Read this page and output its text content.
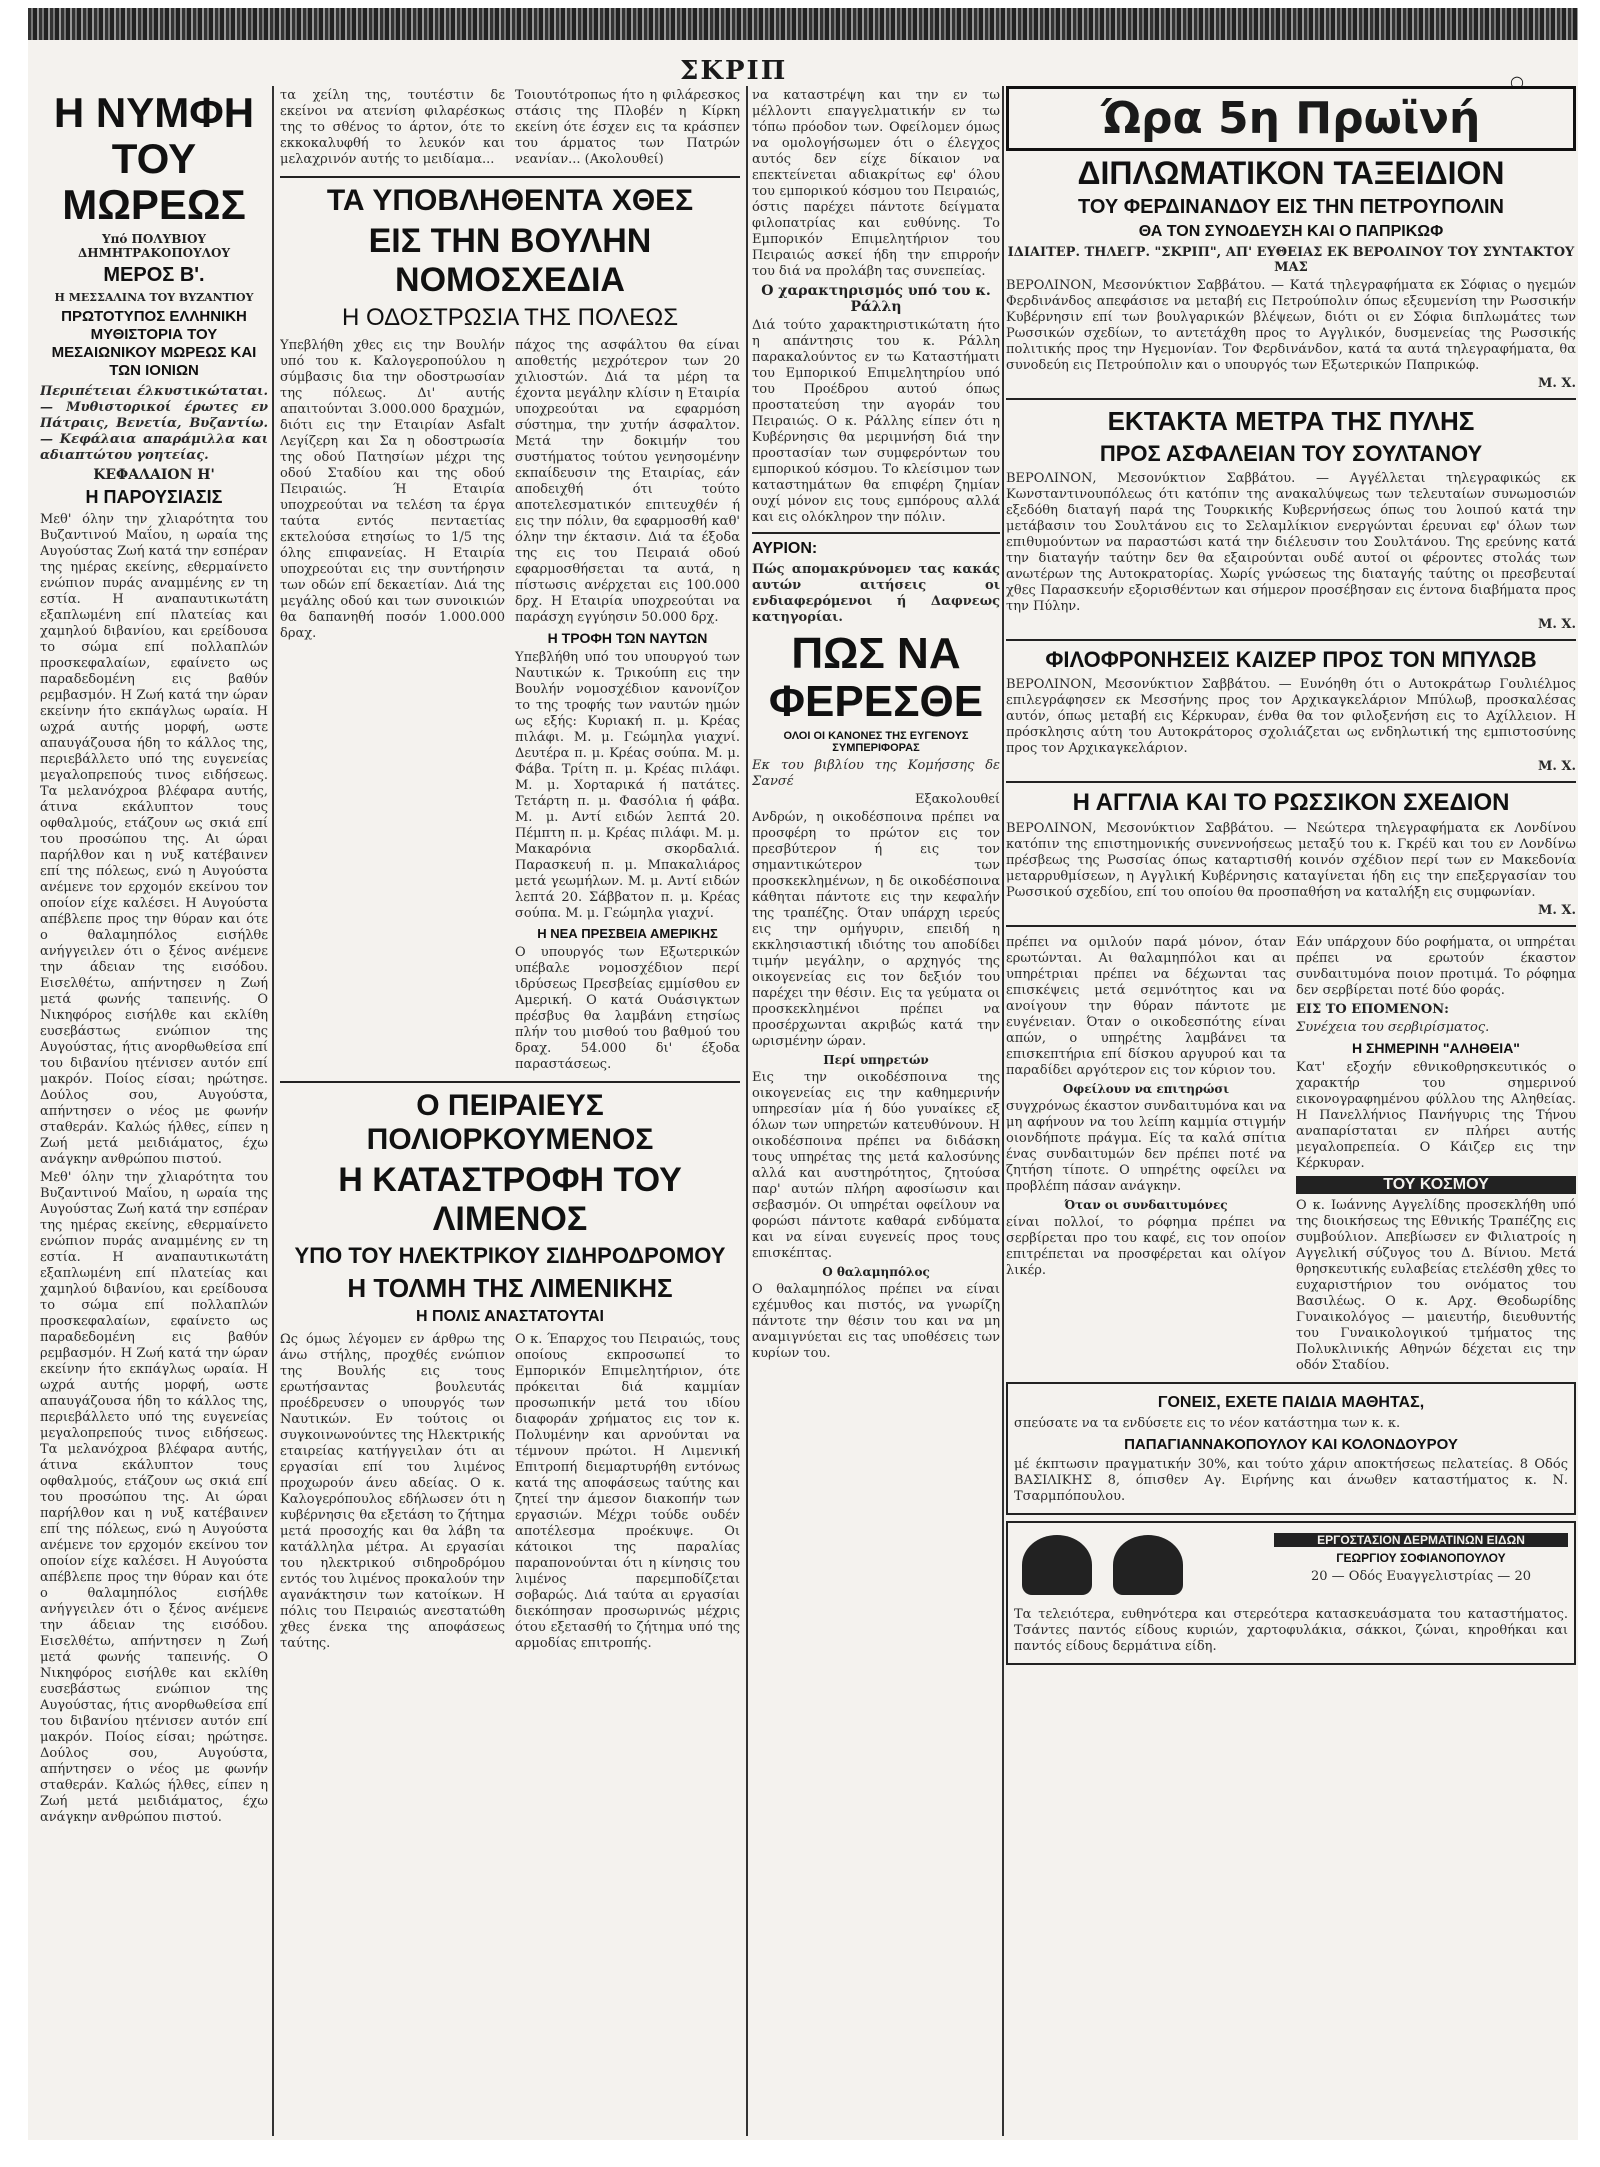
ΣΚΡΙΠ	○
Η ΝΥΜΦΗ ΤΟΥ ΜΩΡΕΩΣ
Υπό ΠΟΛΥΒΙΟΥ ΔΗΜΗΤΡΑΚΟΠΟΥΛΟΥ
ΜΕΡΟΣ Β'.
Η ΜΕΣΣΑΛΙΝΑ ΤΟΥ ΒΥΖΑΝΤΙΟΥ
ΠΡΩΤΟΤΥΠΟΣ ΕΛΛΗΝΙΚΗ ΜΥΘΙΣΤΟΡΙΑ ΤΟΥ ΜΕΣΑΙΩΝΙΚΟΥ ΜΩΡΕΩΣ ΚΑΙ ΤΩΝ ΙΟΝΙΩΝ
Περιπέτειαι έλκυστικώταται. — Μυθιστορικοί έρωτες εν Πάτραις, Βενετία, Βυζαντίω. — Κεφάλαια απαράμιλλα και αδιαπτώτου γοητείας.
ΚΕΦΑΛΑΙΟΝ Η'
Η ΠΑΡΟΥΣΙΑΣΙΣ
Μεθ' όλην την χλιαρότητα του Βυζαντινού Μαΐου, η ωραία της Αυγούστας Ζωή κατά την εσπέραν της ημέρας εκείνης, εθερμαίνετο ενώπιον πυράς αναμμένης εν τη εστία. Η αναπαυτικωτάτη εξαπλωμένη επί πλατείας και χαμηλού διβανίου, και ερείδουσα το σώμα επί πολλαπλών προσκεφαλαίων, εφαίνετο ως παραδεδομένη εις βαθύν ρεμβασμόν. Η Ζωή κατά την ώραν εκείνην ήτο εκπάγλως ωραία. Η ωχρά αυτής μορφή, ωστε απαυγάζουσα ήδη το κάλλος της, περιεβάλλετο υπό της ευγενείας μεγαλοπρεπούς τινος ειδήσεως. Τα μελανόχροα βλέφαρα αυτής, άτινα εκάλυπτον τους οφθαλμούς, ετάζουν ως σκιά επί του προσώπου της. Αι ώραι παρήλθον και η νυξ κατέβαινεν επί της πόλεως, ενώ η Αυγούστα ανέμενε τον ερχομόν εκείνου τον οποίον είχε καλέσει. Η Αυγούστα απέβλεπε προς την θύραν και ότε ο θαλαμηπόλος εισήλθε ανήγγειλεν ότι ο ξένος ανέμενε την άδειαν της εισόδου. Εισελθέτω, απήντησεν η Ζωή μετά φωνής ταπεινής. Ο Νικηφόρος εισήλθε και εκλίθη ευσεβάστως ενώπιον της Αυγούστας, ήτις ανορθωθείσα επί του διβανίου ητένισεν αυτόν επί μακρόν. Ποίος είσαι; ηρώτησε. Δούλος σου, Αυγούστα, απήντησεν ο νέος με φωνήν σταθεράν. Καλώς ήλθες, είπεν η Ζωή μετά μειδιάματος, έχω ανάγκην ανθρώπου πιστού.
Μεθ' όλην την χλιαρότητα του Βυζαντινού Μαΐου, η ωραία της Αυγούστας Ζωή κατά την εσπέραν της ημέρας εκείνης, εθερμαίνετο ενώπιον πυράς αναμμένης εν τη εστία. Η αναπαυτικωτάτη εξαπλωμένη επί πλατείας και χαμηλού διβανίου, και ερείδουσα το σώμα επί πολλαπλών προσκεφαλαίων, εφαίνετο ως παραδεδομένη εις βαθύν ρεμβασμόν. Η Ζωή κατά την ώραν εκείνην ήτο εκπάγλως ωραία. Η ωχρά αυτής μορφή, ωστε απαυγάζουσα ήδη το κάλλος της, περιεβάλλετο υπό της ευγενείας μεγαλοπρεπούς τινος ειδήσεως. Τα μελανόχροα βλέφαρα αυτής, άτινα εκάλυπτον τους οφθαλμούς, ετάζουν ως σκιά επί του προσώπου της. Αι ώραι παρήλθον και η νυξ κατέβαινεν επί της πόλεως, ενώ η Αυγούστα ανέμενε τον ερχομόν εκείνου τον οποίον είχε καλέσει. Η Αυγούστα απέβλεπε προς την θύραν και ότε ο θαλαμηπόλος εισήλθε ανήγγειλεν ότι ο ξένος ανέμενε την άδειαν της εισόδου. Εισελθέτω, απήντησεν η Ζωή μετά φωνής ταπεινής. Ο Νικηφόρος εισήλθε και εκλίθη ευσεβάστως ενώπιον της Αυγούστας, ήτις ανορθωθείσα επί του διβανίου ητένισεν αυτόν επί μακρόν. Ποίος είσαι; ηρώτησε. Δούλος σου, Αυγούστα, απήντησεν ο νέος με φωνήν σταθεράν. Καλώς ήλθες, είπεν η Ζωή μετά μειδιάματος, έχω ανάγκην ανθρώπου πιστού.
τα χείλη της, τουτέστιν δε εκείνοι να ατενίση φιλαρέσκως της το σθένος το άρτον, ότε το εκκοκαλυφθή το λευκόν και μελαχρινόν αυτής το μειδίαμα...
Τοιουτότροπως ήτο η φιλάρεσκος στάσις της Πλοβέν η Κίρκη εκείνη ότε έσχεν εις τα κράσπεν του άρματος των Πατρών νεανίαν... (Ακολουθεί)
ΤΑ ΥΠΟΒΛΗΘΕΝΤΑ ΧΘΕΣ
ΕΙΣ ΤΗΝ ΒΟΥΛΗΝ ΝΟΜΟΣΧΕΔΙΑ
Η ΟΔΟΣΤΡΩΣΙΑ ΤΗΣ ΠΟΛΕΩΣ
Υπεβλήθη χθες εις την Βουλήν υπό του κ. Καλογεροπούλου η σύμβασις δια την οδοστρωσίαν της πόλεως. Δι' αυτής απαιτούνται 3.000.000 δραχμών, διότι εις την Εταιρίαν Asfalt Λεγίζερη και Σα η οδοστρωσία της οδού Πατησίων μέχρι της οδού Σταδίου και της οδού Πειραιώς. Ή Εταιρία υποχρεούται να τελέση τα έργα ταύτα εντός πενταετίας εκτελούσα ετησίως το 1/5 της όλης επιφανείας. Η Εταιρία υποχρεούται εις την συντήρησιν των οδών επί δεκαετίαν. Διά της μεγάλης οδού και των συνοικιών θα δαπανηθή ποσόν 1.000.000 δραχ.
πάχος της ασφάλτου θα είναι αποθετής μεχρότερον των 20 χιλιοστών. Διά τα μέρη τα έχοντα μεγάλην κλίσιν η Εταιρία υποχρεούται να εφαρμόση σύστημα, την χυτήν άσφαλτον. Μετά την δοκιμήν του συστήματος τούτου γενησομένην εκπαίδευσιν της Εταιρίας, εάν αποδειχθή ότι τούτο αποτελεσματικόν επιτευχθέν ή εις την πόλιν, θα εφαρμοσθή καθ' όλην την έκτασιν. Διά τα έξοδα της εις του Πειραιά οδού εφαρμοσθήσεται τα αυτά, η πίστωσις ανέρχεται εις 100.000 δρχ. Η Εταιρία υποχρεούται να παράσχη εγγύησιν 50.000 δρχ.
Η ΤΡΟΦΗ ΤΩΝ ΝΑΥΤΩΝ
Υπεβλήθη υπό του υπουργού των Ναυτικών κ. Τρικούπη εις την Βουλήν νομοσχέδιον κανονίζον το της τροφής των ναυτών ημών ως εξής: Κυριακή π. μ. Κρέας πιλάφι. Μ. μ. Γεώμηλα γιαχνί. Δευτέρα π. μ. Κρέας σούπα. Μ. μ. Φάβα. Τρίτη π. μ. Κρέας πιλάφι. Μ. μ. Χορταρικά ή πατάτες. Τετάρτη π. μ. Φασόλια ή φάβα. Μ. μ. Αντί ειδών λεπτά 20. Πέμπτη π. μ. Κρέας πιλάφι. Μ. μ. Μακαρόνια σκορδαλιά. Παρασκευή π. μ. Μπακαλιάρος μετά γεωμήλων. Μ. μ. Αντί ειδών λεπτά 20. Σάββατον π. μ. Κρέας σούπα. Μ. μ. Γεώμηλα γιαχνί.
Η ΝΕΑ ΠΡΕΣΒΕΙΑ ΑΜΕΡΙΚΗΣ
Ο υπουργός των Εξωτερικών υπέβαλε νομοσχέδιον περί ιδρύσεως Πρεσβείας εμμίσθου εν Αμερική. Ο κατά Ουάσιγκτων πρέσβυς θα λαμβάνη ετησίως πλήν του μισθού του βαθμού του δραχ. 54.000 δι' έξοδα παραστάσεως.
Ο ΠΕΙΡΑΙΕΥΣ ΠΟΛΙΟΡΚΟΥΜΕΝΟΣ
Η ΚΑΤΑΣΤΡΟΦΗ ΤΟΥ ΛΙΜΕΝΟΣ
ΥΠΟ ΤΟΥ ΗΛΕΚΤΡΙΚΟΥ ΣΙΔΗΡΟΔΡΟΜΟΥ
Η ΤΟΛΜΗ ΤΗΣ ΛΙΜΕΝΙΚΗΣ
Η ΠΟΛΙΣ ΑΝΑΣΤΑΤΟΥΤΑΙ
Ως όμως λέγομεν εν άρθρω της άνω στήλης, προχθές ενώπιον της Βουλής εις τους ερωτήσαντας βουλευτάς προέδρευσεν ο υπουργός των Ναυτικών. Εν τούτοις οι συγκοινωνούντες της Ηλεκτρικής εταιρείας κατήγγειλαν ότι αι εργασίαι επί του λιμένος προχωρούν άνευ αδείας. Ο κ. Καλογερόπουλος εδήλωσεν ότι η κυβέρνησις θα εξετάση το ζήτημα μετά προσοχής και θα λάβη τα κατάλληλα μέτρα. Αι εργασίαι του ηλεκτρικού σιδηροδρόμου εντός του λιμένος προκαλούν την αγανάκτησιν των κατοίκων. Η πόλις του Πειραιώς ανεστατώθη χθες ένεκα της αποφάσεως ταύτης.
Ο κ. Έπαρχος του Πειραιώς, τους οποίους εκπροσωπεί το Εμπορικόν Επιμελητήριον, ότε πρόκειται διά καμμίαν προσωπικήν μετά του ιδίου διαφοράν χρήματος εις τον κ. Πολυμένην και αρνούνται να τέμνουν πρώτοι. Η Λιμενική Επιτροπή διεμαρτυρήθη εντόνως κατά της αποφάσεως ταύτης και ζητεί την άμεσον διακοπήν των εργασιών. Μέχρι τούδε ουδέν αποτέλεσμα προέκυψε. Οι κάτοικοι της παραλίας παραπονούνται ότι η κίνησις του λιμένος παρεμποδίζεται σοβαρώς. Διά ταύτα αι εργασίαι διεκόπησαν προσωρινώς μέχρις ότου εξετασθή το ζήτημα υπό της αρμοδίας επιτροπής.
να καταστρέψη και την εν τω μέλλοντι επαγγελματικήν εν τω τόπω πρόοδον των. Οφείλομεν όμως να ομολογήσωμεν ότι ο έλεγχος αυτός δεν είχε δίκαιον να επεκτείνεται αδιακρίτως εφ' όλου του εμπορικού κόσμου του Πειραιώς, όστις παρέχει πάντοτε δείγματα φιλοπατρίας και ευθύνης. Το Εμπορικόν Επιμελητήριον του Πειραιώς ασκεί ήδη την επιρροήν του διά να προλάβη τας συνεπείας.
Ο χαρακτηρισμός υπό του κ. Ράλλη
Διά τούτο χαρακτηριστικώτατη ήτο η απάντησις του κ. Ράλλη παρακαλούντος εν τω Καταστήματι του Εμπορικού Επιμελητηρίου υπό του Προέδρου αυτού όπως προστατεύση την αγοράν του Πειραιώς. Ο κ. Ράλλης είπεν ότι η Κυβέρνησις θα μεριμνήση διά την προστασίαν των συμφερόντων του εμπορικού κόσμου. Το κλείσιμον των καταστημάτων θα επιφέρη ζημίαν ουχί μόνον εις τους εμπόρους αλλά και εις ολόκληρον την πόλιν.
ΑΥΡΙΟΝ:
Πώς απομακρύνομεν τας κακάς αυτών αιτήσεις οι ενδιαφερόμενοι ή Δαφνεως κατηγορίαι.
ΠΩΣ ΝΑ ΦΕΡΕΣΘΕ
ΟΛΟΙ ΟΙ ΚΑΝΟΝΕΣ ΤΗΣ ΕΥΓΕΝΟΥΣ ΣΥΜΠΕΡΙΦΟΡΑΣ
Εκ του βιβλίου της Κομήσσης δε Σανσέ
Εξακολουθεί
Ανδρών, η οικοδέσποινα πρέπει να προσφέρη το πρώτον εις τον πρεσβύτερον ή εις τον σημαντικώτερον των προσκεκλημένων, η δε οικοδέσποινα κάθηται πάντοτε εις την κεφαλήν της τραπέζης. Όταν υπάρχη ιερεύς εις την ομήγυριν, επειδή η εκκλησιαστική ιδιότης του αποδίδει τιμήν μεγάλην, ο αρχηγός της οικογενείας εις τον δεξιόν του παρέχει την θέσιν. Εις τα γεύματα οι προσκεκλημένοι πρέπει να προσέρχωνται ακριβώς κατά την ωρισμένην ώραν.
Περί υπηρετών
Εις την οικοδέσποινα της οικογενείας εις την καθημερινήν υπηρεσίαν μία ή δύο γυναίκες εξ όλων των υπηρετών κατευθύνουν. Η οικοδέσποινα πρέπει να διδάσκη τους υπηρέτας της μετά καλοσύνης αλλά και αυστηρότητος, ζητούσα παρ' αυτών πλήρη αφοσίωσιν και σεβασμόν. Οι υπηρέται οφείλουν να φορώσι πάντοτε καθαρά ενδύματα και να είναι ευγενείς προς τους επισκέπτας.
Ο θαλαμηπόλος
Ο θαλαμηπόλος πρέπει να είναι εχέμυθος και πιστός, να γνωρίζη πάντοτε την θέσιν του και να μη αναμιγνύεται εις τας υποθέσεις των κυρίων του.
Ώρα 5η Πρωϊνή
ΔΙΠΛΩΜΑΤΙΚΟΝ ΤΑΞΕΙΔΙΟΝ
ΤΟΥ ΦΕΡΔΙΝΑΝΔΟΥ ΕΙΣ ΤΗΝ ΠΕΤΡΟΥΠΟΛΙΝ
ΘΑ ΤΟΝ ΣΥΝΟΔΕΥΣΗ ΚΑΙ Ο ΠΑΠΡΙΚΩΦ
ΙΔΙΑΙΤΕΡ. ΤΗΛΕΓΡ. "ΣΚΡΙΠ", ΑΠ' ΕΥΘΕΙΑΣ ΕΚ ΒΕΡΟΛΙΝΟΥ ΤΟΥ ΣΥΝΤΑΚΤΟΥ ΜΑΣ
ΒΕΡΟΛΙΝΟΝ, Μεσονύκτιον Σαββάτου. — Κατά τηλεγραφήματα εκ Σόφιας ο ηγεμών Φερδινάνδος απεφάσισε να μεταβή εις Πετρούπολιν όπως εξευμενίση την Ρωσσικήν Κυβέρνησιν επί των βουλγαρικών βλέψεων, διότι οι εν Σόφια διπλωμάτες των Ρωσσικών σχεδίων, το αντετάχθη προς το Αγγλικόν, δυσμενείας της Ρωσσικής πολιτικής προς την Ηγεμονίαν. Τον Φερδινάνδον, κατά τα αυτά τηλεγραφήματα, θα συνοδεύη εις Πετρούπολιν και ο υπουργός των Εξωτερικών Παπρικώφ.
Μ. Χ.
ΕΚΤΑΚΤΑ ΜΕΤΡΑ ΤΗΣ ΠΥΛΗΣ
ΠΡΟΣ ΑΣΦΑΛΕΙΑΝ ΤΟΥ ΣΟΥΛΤΑΝΟΥ
ΒΕΡΟΛΙΝΟΝ, Μεσονύκτιον Σαββάτου. — Αγγέλλεται τηλεγραφικώς εκ Κωνσταντινουπόλεως ότι κατόπιν της ανακαλύψεως των τελευταίων συνωμοσιών εξεδόθη διαταγή παρά της Τουρκικής Κυβερνήσεως όπως του λοιπού κατά την μετάβασιν του Σουλτάνου εις το Σελαμλίκιον ενεργώνται έρευναι εφ' όλων των επιθυμούντων να παραστώσι κατά την διέλευσιν του Σουλτάνου. Της ερεύνης κατά την διαταγήν ταύτην δεν θα εξαιρούνται ουδέ αυτοί οι φέροντες στολάς των ανωτέρων της Αυτοκρατορίας. Χωρίς γνώσεως της διαταγής ταύτης οι πρεσβευταί χθες Παρασκευήν εξορισθέντων και σήμερον προσέβησαν εις έντονα διαβήματα προς την Πύλην.
Μ. Χ.
ΦΙΛΟΦΡΟΝΗΣΕΙΣ ΚΑΙΖΕΡ ΠΡΟΣ ΤΟΝ ΜΠΥΛΩΒ
ΒΕΡΟΛΙΝΟΝ, Μεσονύκτιον Σαββάτου. — Ευνόηθη ότι ο Αυτοκράτωρ Γουλιέλμος επιλεγράφησεν εκ Μεσσήνης προς τον Αρχικαγκελάριον Μπύλωβ, προσκαλέσας αυτόν, όπως μεταβή εις Κέρκυραν, ένθα θα τον φιλοξενήση εις το Αχίλλειον. Η πρόσκλησις αύτη του Αυτοκράτορος σχολιάζεται ως ενδηλωτική της εμπιστοσύνης προς τον Αρχικαγκελάριον.
Μ. Χ.
Η ΑΓΓΛΙΑ ΚΑΙ ΤΟ ΡΩΣΣΙΚΟΝ ΣΧΕΔΙΟΝ
ΒΕΡΟΛΙΝΟΝ, Μεσονύκτιον Σαββάτου. — Νεώτερα τηλεγραφήματα εκ Λονδίνου κατόπιν της επιστημονικής συνεννοήσεως μεταξύ του κ. Γκρέϋ και του εν Λονδίνω πρέσβεως της Ρωσσίας όπως καταρτισθή κοινόν σχέδιον περί των εν Μακεδονία μεταρρυθμίσεων, η Αγγλική Κυβέρνησις καταγίνεται ήδη εις την επεξεργασίαν του Ρωσσικού σχεδίου, επί του οποίου θα προσπαθήση να καταλήξη εις συμφωνίαν.
Μ. Χ.
πρέπει να ομιλούν παρά μόνον, όταν ερωτώνται. Αι θαλαμηπόλοι και αι υπηρέτριαι πρέπει να δέχωνται τας επισκέψεις μετά σεμνότητος και να ανοίγουν την θύραν πάντοτε με ευγένειαν. Όταν ο οικοδεσπότης είναι απών, ο υπηρέτης λαμβάνει τα επισκεπτήρια επί δίσκου αργυρού και τα παραδίδει αργότερον εις τον κύριον του.
Οφείλουν να επιτηρώσι
συγχρόνως έκαστον συνδαιτυμόνα και να μη αφήνουν να του λείπη καμμία στιγμήν οιονδήποτε πράγμα. Είς τα καλά σπίτια ένας συνδαιτυμών δεν πρέπει ποτέ να ζητήση τίποτε. Ο υπηρέτης οφείλει να προβλέπη πάσαν ανάγκην.
Όταν οι συνδαιτυμόνες
είναι πολλοί, το ρόφημα πρέπει να σερβίρεται προ του καφέ, εις τον οποίον επιτρέπεται να προσφέρεται και ολίγον λικέρ.
Εάν υπάρχουν δύο ροφήματα, οι υπηρέται πρέπει να ερωτούν έκαστον συνδαιτυμόνα ποιον προτιμά. Το ρόφημα δεν σερβίρεται ποτέ δύο φοράς.
ΕΙΣ ΤΟ ΕΠΟΜΕΝΟΝ:
Συνέχεια του σερβιρίσματος.
Η ΣΗΜΕΡΙΝΗ "ΑΛΗΘΕΙΑ"
Κατ' εξοχήν εθνικοθρησκευτικός ο χαρακτήρ του σημερινού εικονογραφημένου φύλλου της Αληθείας. Η Πανελλήνιος Πανήγυρις της Τήνου αναπαρίσταται εν πλήρει αυτής μεγαλοπρεπεία. Ο Κάιζερ εις την Κέρκυραν.
ΤΟΥ ΚΟΣΜΟΥ
Ο κ. Ιωάννης Αγγελίδης προσεκλήθη υπό της διοικήσεως της Εθνικής Τραπέζης εις συμβούλιον. Απεβίωσεν εν Φιλιατροίς η Αγγελική σύζυγος του Δ. Βίνιου. Μετά θρησκευτικής ευλαβείας ετελέσθη χθες το ευχαριστήριον του ονόματος του Βασιλέως. Ο κ. Αρχ. Θεοδωρίδης Γυναικολόγος — μαιευτήρ, διευθυντής του Γυναικολογικού τμήματος της Πολυκλινικής Αθηνών δέχεται εις την οδόν Σταδίου.
ΓΟΝΕΙΣ, ΕΧΕΤΕ ΠΑΙΔΙΑ ΜΑΘΗΤΑΣ,
σπεύσατε να τα ενδύσετε εις το νέον κατάστημα των κ. κ.
ΠΑΠΑΓΙΑΝΝΑΚΟΠΟΥΛΟΥ ΚΑΙ ΚΟΛΟΝΔΟΥΡΟΥ
μέ έκπτωσιν πραγματικήν 30%, και τούτο χάριν αποκτήσεως πελατείας. 8 Οδός ΒΑΣΙΛΙΚΗΣ 8, όπισθεν Αγ. Ειρήνης και άνωθεν καταστήματος κ. Ν. Τσαρμπόπουλου.

ΕΡΓΟΣΤΑΣΙΟΝ ΔΕΡΜΑΤΙΝΩΝ ΕΙΔΩΝ
ΓΕΩΡΓΙΟΥ ΣΟΦΙΑΝΟΠΟΥΛΟΥ
20 — Οδός Ευαγγελιστρίας — 20
Τα τελειότερα, ευθηνότερα και στερεότερα κατασκευάσματα του καταστήματος. Τσάντες παντός είδους κυριών, χαρτοφυλάκια, σάκκοι, ζώναι, κηροθήκαι και παντός είδους δερμάτινα είδη.
